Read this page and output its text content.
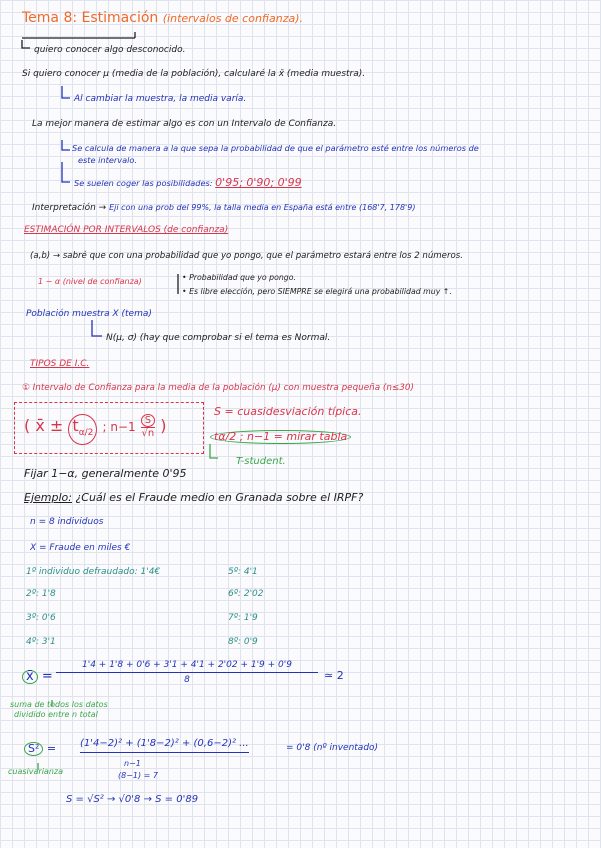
Tema 8: Estimación (intervalos de confianza).
quiero conocer algo desconocido.
Si quiero conocer μ (media de la población), calcularé la x̄ (media muestra).
Al cambiar la muestra, la media varía.
La mejor manera de estimar algo es con un Intervalo de Confianza.
Se calcula de manera a la que sepa la probabilidad de que el parámetro esté entre los números de
este intervalo.
Se suelen coger las posibilidades: 0'95; 0'90; 0'99
Interpretación → Eji con una prob del 99%, la talla media en España está entre (168'7, 178'9)
ESTIMACIÓN POR INTERVALOS (de confianza)
(a,b) → sabré que con una probabilidad que yo pongo, que el parámetro estará entre los 2 números.
1 − α (nivel de confianza)	• Probabilidad que yo pongo.
• Es libre elección, pero SIEMPRE se elegirá una probabilidad muy ↑.
Población muestra X (tema)
N(μ, σ) (hay que comprobar si el tema es Normal.
TIPOS DE I.C.
① Intervalo de Confianza para la media de la población (μ) con muestra pequeña (n≤30)
( x̄ ± $t_{\alpha/2}$ ; $n-1 \frac{S}{√n}$ )
S = cuasidesviación típica.
tα/2 ; n−1 = mirar tabla
T-student.
Fijar 1−α, generalmente 0'95
Ejemplo: ¿Cuál es el Fraude medio en Granada sobre el IRPF?
n = 8 individuos
X = Fraude en miles €
1º individuo defraudado: 1'4€
2º: 1'8
3º: 0'6
4º: 3'1
5º: 4'1
6º: 2'02
7º: 1'9
8º: 0'9
x̄ =
1'4 + 1'8 + 0'6 + 3'1 + 4'1 + 2'02 + 1'9 + 0'9
8	≃ 2
suma de todos los datos
dividido entre n total
S² = (1'4−2)² + (1'8−2)² + (0,6−2)² ...	= 0'8 (nº inventado)
n−1
(8−1) = 7
cuasivarianza
S = √S² → √0'8 → S = 0'89
